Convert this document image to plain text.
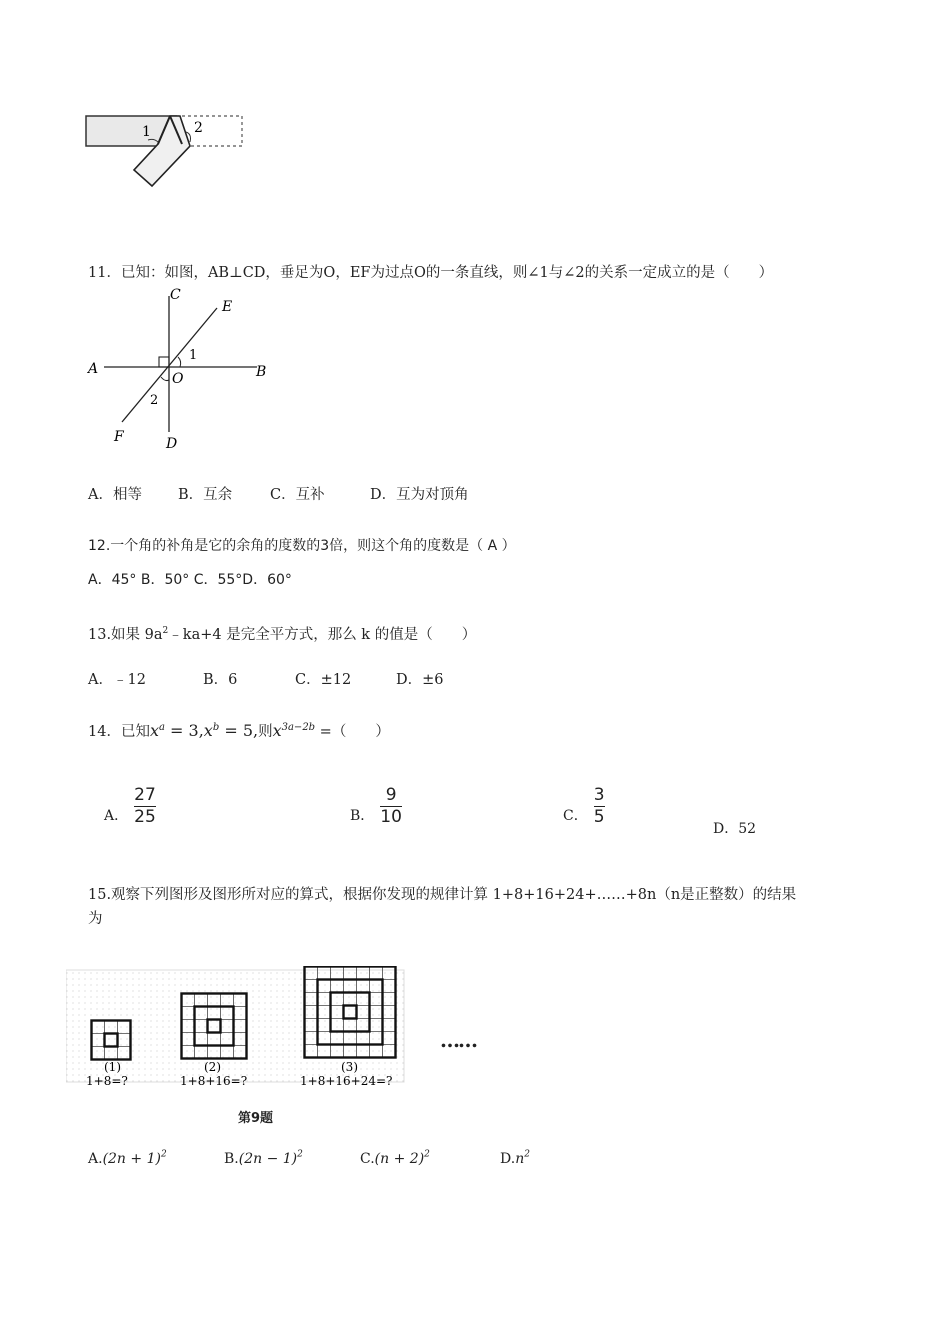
1	2
11．已知：如图，AB⊥CD，垂足为O，EF为过点O的一条直线，则∠1与∠2的关系一定成立的是（　　）
C
E
A	B
O
1
2
F	D
A．相等 B．互余	C．互补	D．互为对顶角
12.一个角的补角是它的余角的度数的3倍，则这个角的度数是（ A ）
A．45° B．50° C．55°D．60°
13.如果 $9a^2﹣ka+4$ 是完全平方式，那么 k 的值是（　　）
A．﹣12	B．6	C．±12	D．±6
14．已知$x^a = 3,x^b = 5$,则$x^{3a-2b}$ =（　　）
A． $\frac{27}{25}$	B． $\frac{9}{10}$	C． $\frac{3}{5}$
D．52
15.观察下列图形及图形所对应的算式，根据你发现的规律计算 1+8+16+24+……+8n（n是正整数）的结果
为
(1)
1+8=?
(2)
1+8+16=?
(3)
1+8+16+24=?
……
第9题
$A.(2n + 1)^2$	$B.(2n - 1)^2$	$C.(n + 2)^2$	$D.n^2$
